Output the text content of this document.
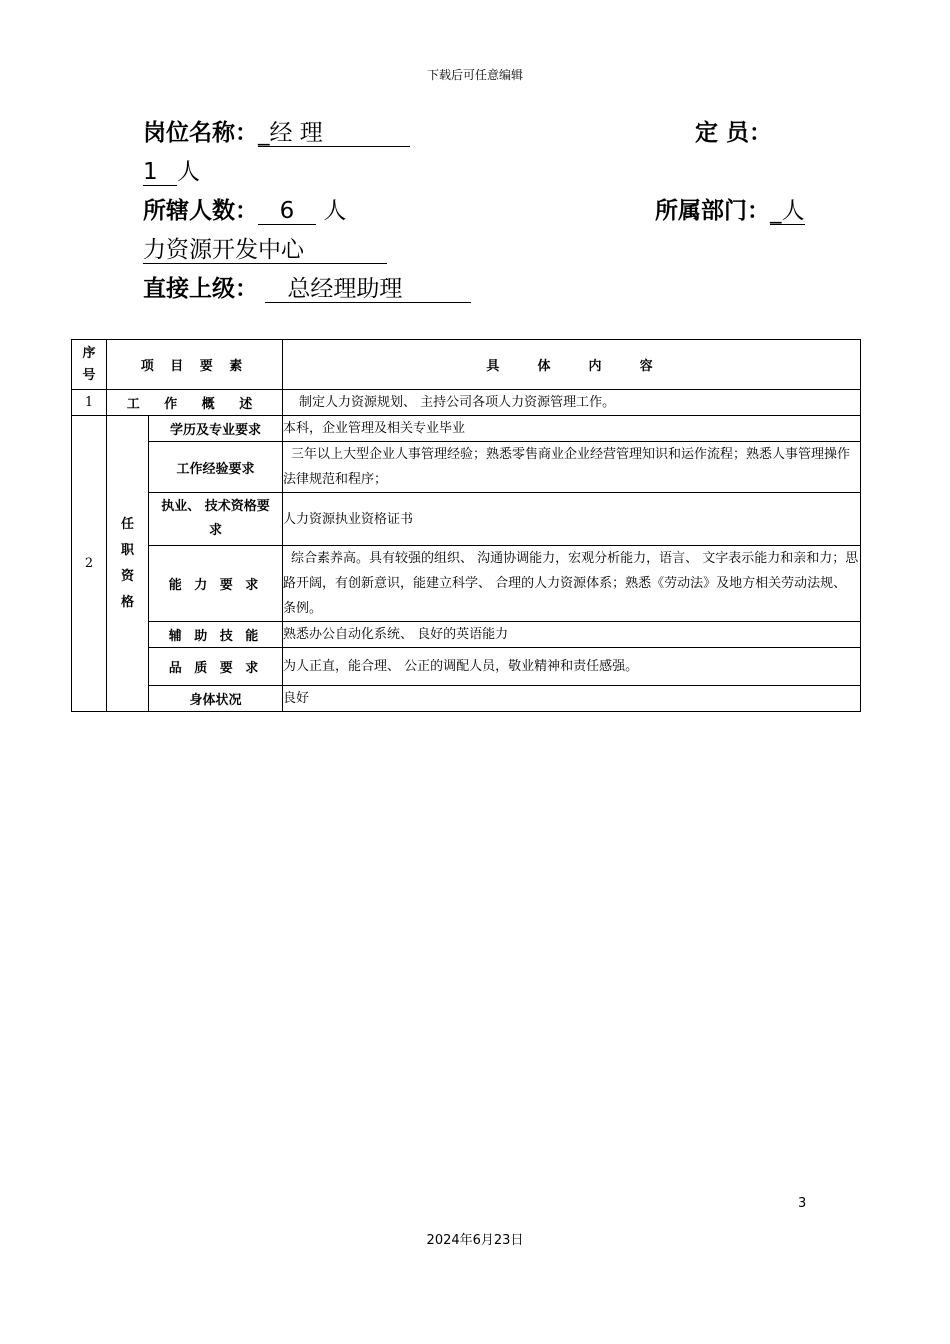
下载后可任意编辑
岗位名称：_经 理	定 员：
1 人
所辖人数： 6 人	所属部门：_人
力资源开发中心
直接上级： 总经理助理
序号	项 目 要 素		具    体    内    容
1	工 作 概 述		制定人力资源规划、 主持公司各项人力资源管理工作。
2	任职资格	学历及专业要求	本科，企业管理及相关专业毕业
		工作经验要求	三年以上大型企业人事管理经验；熟悉零售商业企业经营管理知识和运作流程；熟悉人事管理操作法律规范和程序；
		执业、 技术资格要求	人力资源执业资格证书
		能 力 要 求	综合素养高。具有较强的组织、 沟通协调能力，宏观分析能力，语言、 文字表示能力和亲和力；思路开阔，有创新意识，能建立科学、 合理的人力资源体系；熟悉《劳动法》及地方相关劳动法规、 条例。
		辅 助 技 能	熟悉办公自动化系统、 良好的英语能力
		品 质 要 求	为人正直，能合理、 公正的调配人员，敬业精神和责任感强。
		身体状况	良好
3
2024年6月23日
